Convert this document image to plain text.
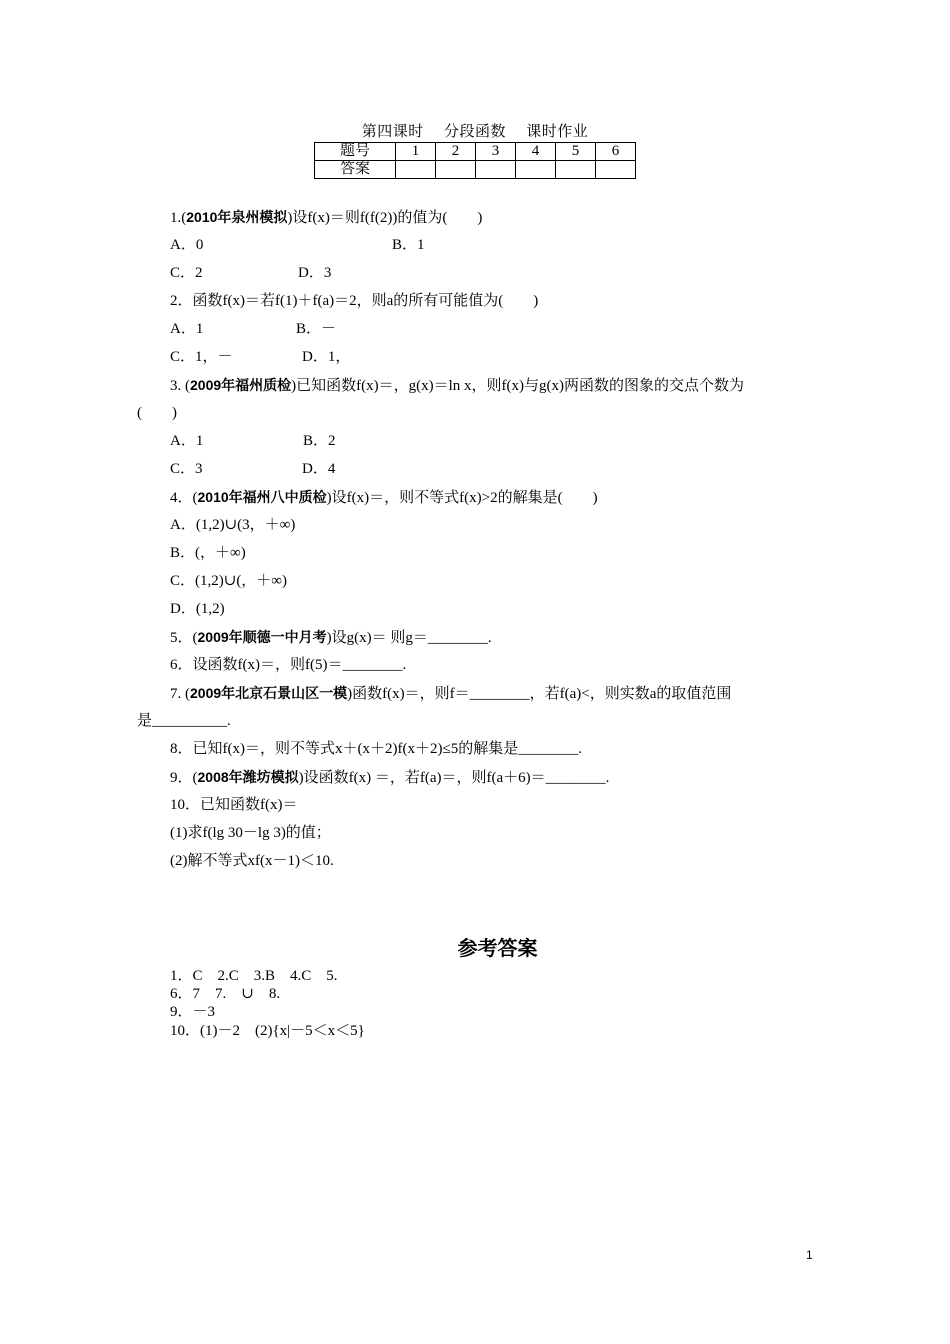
第四课时 分段函数 课时作业
题号	1	2	3	4	5	6
答案						
1.(2010年泉州模拟)设f(x)＝则f(f(2))的值为(　　)
A．0	B．1
C．2	D．3
2．函数f(x)＝若f(1)＋f(a)＝2，则a的所有可能值为(　　)
A．1	B．－
C．1，－	D．1，
3. (2009年福州质检)已知函数f(x)＝，g(x)＝ln x，则f(x)与g(x)两函数的图象的交点个数为
(　　)
A．1	B．2
C．3	D．4
4．(2010年福州八中质检)设f(x)＝，则不等式f(x)>2的解集是(　　)
A．(1,2)∪(3，＋∞)
B．(，＋∞)
C．(1,2)∪(，＋∞)
D．(1,2)
5．(2009年顺德一中月考)设g(x)＝ 则g＝________.
6．设函数f(x)＝，则f(5)＝________.
7. (2009年北京石景山区一模)函数f(x)＝，则f＝________，若f(a)<，则实数a的取值范围
是__________.
8．已知f(x)＝，则不等式x＋(x＋2)f(x＋2)≤5的解集是________.
9．(2008年潍坊模拟)设函数f(x) ＝，若f(a)＝，则f(a＋6)＝________.
10．已知函数f(x)＝
(1)求f(lg 30－lg 3)的值；
(2)解不等式xf(x－1)＜10.
参考答案
1．C　2.C　3.B　4.C　5.
6．7　7.　∪　8.
9．－3
10．(1)－2　(2){x|－5＜x＜5}
1
